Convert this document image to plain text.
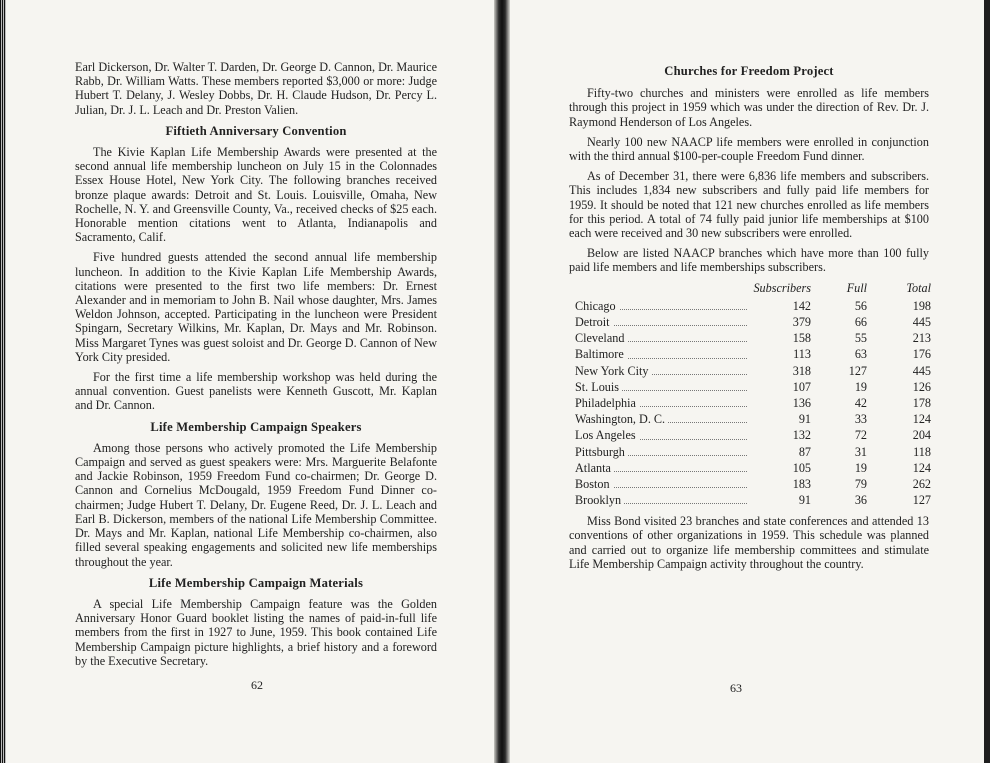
Earl Dickerson, Dr. Walter T. Darden, Dr. George D. Cannon, Dr. Maurice Rabb, Dr. William Watts. These members reported $3,000 or more: Judge Hubert T. Delany, J. Wesley Dobbs, Dr. H. Claude Hudson, Dr. Percy L. Julian, Dr. J. L. Leach and Dr. Preston Valien.

Fiftieth Anniversary Convention

The Kivie Kaplan Life Membership Awards were presented at the second annual life membership luncheon on July 15 in the Colonnades Essex House Hotel, New York City. The following branches received bronze plaque awards: Detroit and St. Louis. Louisville, Omaha, New Rochelle, N. Y. and Greensville County, Va., received checks of $25 each. Honorable mention citations went to Atlanta, Indianapolis and Sacramento, Calif.

Five hundred guests attended the second annual life membership luncheon. In addition to the Kivie Kaplan Life Membership Awards, citations were presented to the first two life members: Dr. Ernest Alexander and in memoriam to John B. Nail whose daughter, Mrs. James Weldon Johnson, accepted. Participating in the luncheon were President Spingarn, Secretary Wilkins, Mr. Kaplan, Dr. Mays and Mr. Robinson. Miss Margaret Tynes was guest soloist and Dr. George D. Cannon of New York City presided.

For the first time a life membership workshop was held during the annual convention. Guest panelists were Kenneth Guscott, Mr. Kaplan and Dr. Cannon.

Life Membership Campaign Speakers

Among those persons who actively promoted the Life Membership Campaign and served as guest speakers were: Mrs. Marguerite Belafonte and Jackie Robinson, 1959 Freedom Fund co-chairmen; Dr. George D. Cannon and Cornelius McDougald, 1959 Freedom Fund Dinner co-chairmen; Judge Hubert T. Delany, Dr. Eugene Reed, Dr. J. L. Leach and Earl B. Dickerson, members of the national Life Membership Committee. Dr. Mays and Mr. Kaplan, national Life Membership co-chairmen, also filled several speaking engagements and solicited new life memberships throughout the year.

Life Membership Campaign Materials

A special Life Membership Campaign feature was the Golden Anniversary Honor Guard booklet listing the names of paid-in-full life members from the first in 1927 to June, 1959. This book contained Life Membership Campaign picture highlights, a brief history and a foreword by the Executive Secretary.

62
Churches for Freedom Project

Fifty-two churches and ministers were enrolled as life members through this project in 1959 which was under the direction of Rev. Dr. J. Raymond Henderson of Los Angeles.

Nearly 100 new NAACP life members were enrolled in conjunction with the third annual $100-per-couple Freedom Fund dinner.

As of December 31, there were 6,836 life members and subscribers. This includes 1,834 new subscribers and fully paid life members for 1959. It should be noted that 121 new churches enrolled as life members for this period. A total of 74 fully paid junior life memberships at $100 each were received and 30 new subscribers were enrolled.

Below are listed NAACP branches which have more than 100 fully paid life members and life memberships subscribers.

	Subscribers	Full	Total

Chicago	142	56	198

Detroit	379	66	445

Cleveland	158	55	213

Baltimore	113	63	176

New York City	318	127	445

St. Louis	107	19	126

Philadelphia	136	42	178

Washington, D. C.	91	33	124

Los Angeles	132	72	204

Pittsburgh	87	31	118

Atlanta	105	19	124

Boston	183	79	262

Brooklyn	91	36	127

Miss Bond visited 23 branches and state conferences and attended 13 conventions of other organizations in 1959. This schedule was planned and carried out to organize life membership committees and stimulate Life Membership Campaign activity throughout the country.

63
